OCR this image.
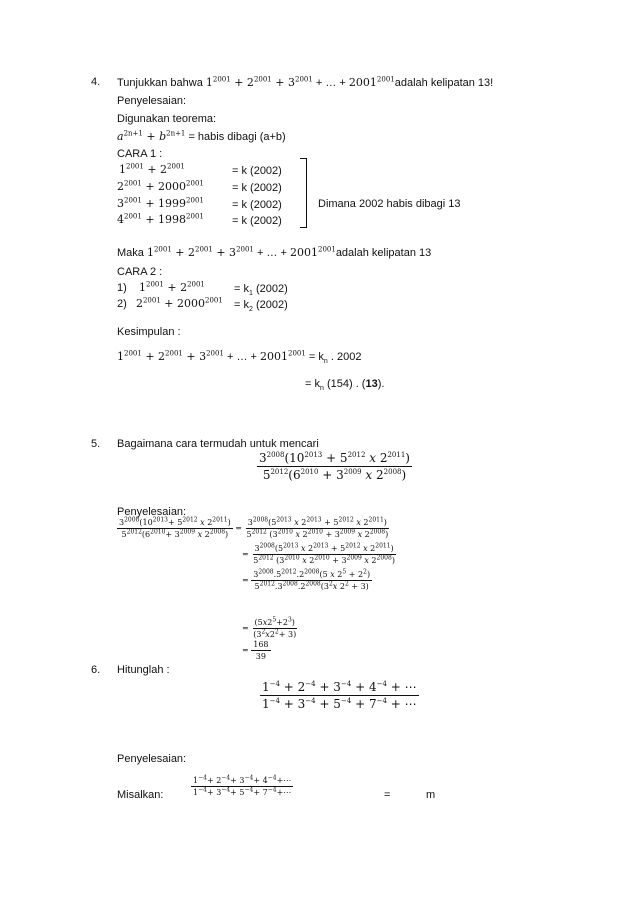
4. Tunjukkan bahwa $1^{2001} + 2^{2001} + 3^{2001}$ + … + $2001^{2001}adalah$ kelipatan 13!
Penyelesaian:
Digunakan teorema:
$a^{2n+1} + b^{2n+1}$ = habis dibagi (a+b)
CARA 1 :
$1^{2001} + 2^{2001}$	= k (2002)
$2^{2001} + 2000^{2001}$	= k (2002)
$3^{2001} + 1999^{2001}$	= k (2002)
$4^{2001} + 1998^{2001}$	= k (2002)
Dimana 2002 habis dibagi 13
Maka $1^{2001} + 2^{2001} + 3^{2001}$ + … + $2001^{2001}adalah$ kelipatan 13
CARA 2 :
1) $1^{2001} + 2^{2001}$	= $k_1$ (2002)
2) $2^{2001} + 2000^{2001} = k_2$ (2002)
Kesimpulan :
$1^{2001} + 2^{2001} + 3^{2001}$ + … + $2001^{2001} = k_n$ . 2002
= $k_n$ (154) . (13).
5. Bagaimana cara termudah untuk mencari
$\frac{3^{2008}(10^{2013} + 5^{2012} x 2^{2011})}{5^{2012}(6^{2010} + 3^{2009} x 2^{2008})}$
Penyelesaian:
$\frac{3^{2008}(10^{2013}+ 5^{2012} x 2^{2011})}{5^{2012}(6^{2010}+ 3^{2009} x 2^{2008})} = \frac{3^{2008}(5^{2013} x 2^{2013} + 5^{2012} x 2^{2011})}{5^{2012} (3^{2010} x 2^{2010} + 3^{2009} x 2^{2008})}$
= $\frac{3^{2008}(5^{2013} x 2^{2013} + 5^{2012} x 2^{2011})}{5^{2012} (3^{2010} x 2^{2010} + 3^{2009} x 2^{2008})}$
= $\frac{3^{2008}.5^{2012}.2^{2008}(5 x 2^5 + 2^2)}{5^{2012}.3^{2008}.2^{2008}(3^2x 2^2 + 3)}$
= $\frac{(5x2^5+2^3)}{(3^2x2^2+ 3)}$
= $\frac{168}{39}$
6. Hitunglah :
$\frac{1^{-4} + 2^{-4} + 3^{-4} + 4^{-4} + \cdots}{1^{-4} + 3^{-4} + 5^{-4} + 7^{-4} + \cdots}$
Penyelesaian:
Misalkan:	$\frac{1^{-4}+ 2^{-4}+ 3^{-4}+ 4^{-4}+\cdots}{1^{-4}+ 3^{-4}+ 5^{-4}+ 7^{-4}+\cdots}$	=	m
